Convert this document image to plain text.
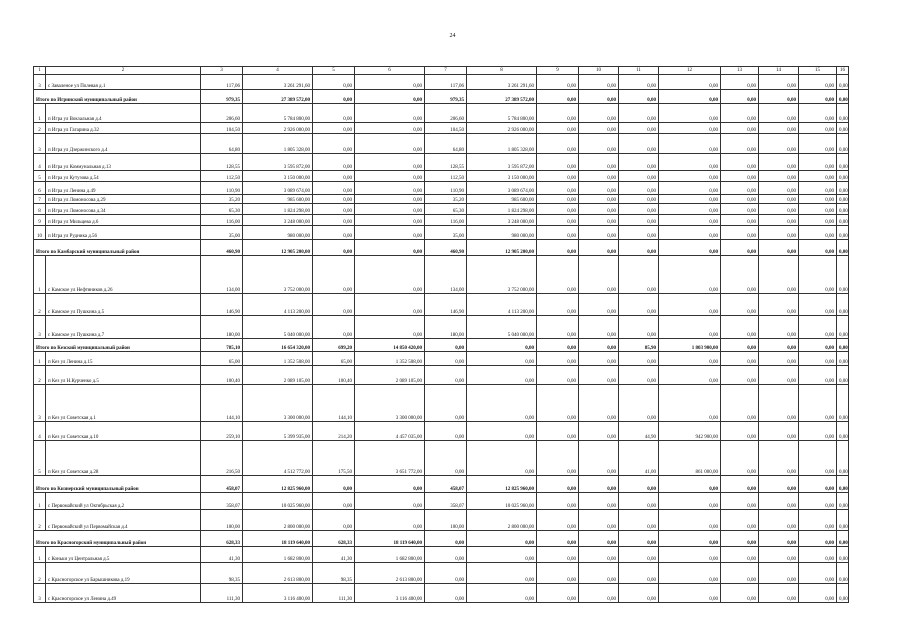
24
1	2	3	4	5	6	7	8	9	10	11	12	13	14	15	16
3	с Заваленое ул Полевая д.1	117,06	3 261 291,60	0,00	0,00	117,06	3 261 291,60	0,00	0,00	0,00	0,00	0,00	0,00	0,00	0,00
Итого по Игринский муниципальный район		979,35	27 389 572,00	0,00	0,00	979,35	27 389 572,00	0,00	0,00	0,00	0,00	0,00	0,00	0,00	0,00
1	п Игра ул Вокзальная д.4	206,60	5 784 800,00	0,00	0,00	206,60	5 784 800,00	0,00	0,00	0,00	0,00	0,00	0,00	0,00	0,00
2	п Игра ул Гагарина д.32	104,50	2 926 000,00	0,00	0,00	104,50	2 926 000,00	0,00	0,00	0,00	0,00	0,00	0,00	0,00	0,00
3	п Игра ул Дзержинского д.4	64,80	1 805 328,00	0,00	0,00	64,80	1 805 328,00	0,00	0,00	0,00	0,00	0,00	0,00	0,00	0,00
4	п Игра ул Коммунальная д.13	128,55	3 595 872,00	0,00	0,00	128,55	3 595 872,00	0,00	0,00	0,00	0,00	0,00	0,00	0,00	0,00
5	п Игра ул Кутузова д.54	112,50	3 150 000,00	0,00	0,00	112,50	3 150 000,00	0,00	0,00	0,00	0,00	0,00	0,00	0,00	0,00
6	п Игра ул Ленина д.49	110,90	3 089 674,00	0,00	0,00	110,90	3 089 674,00	0,00	0,00	0,00	0,00	0,00	0,00	0,00	0,00
7	п Игра ул Ломоносова д.29	35,20	985 600,00	0,00	0,00	35,20	985 600,00	0,00	0,00	0,00	0,00	0,00	0,00	0,00	0,00
8	п Игра ул Ломоносова д.34	65,30	1 824 298,00	0,00	0,00	65,30	1 824 298,00	0,00	0,00	0,00	0,00	0,00	0,00	0,00	0,00
9	п Игра ул Мильцева д.6	116,00	3 248 000,00	0,00	0,00	116,00	3 248 000,00	0,00	0,00	0,00	0,00	0,00	0,00	0,00	0,00
10	п Игра ул Рудника д.56	35,00	980 000,00	0,00	0,00	35,00	980 000,00	0,00	0,00	0,00	0,00	0,00	0,00	0,00	0,00
Итого по Камбарский муниципальный район		460,90	12 905 200,00	0,00	0,00	460,90	12 905 200,00	0,00	0,00	0,00	0,00	0,00	0,00	0,00	0,00
1	с Камское ул Нефтяников д.26	134,00	3 752 000,00	0,00	0,00	134,00	3 752 000,00	0,00	0,00	0,00	0,00	0,00	0,00	0,00	0,00
2	с Камское ул Пушкина д.5	146,90	4 113 200,00	0,00	0,00	146,90	4 113 200,00	0,00	0,00	0,00	0,00	0,00	0,00	0,00	0,00
3	с Камское ул Пушкина д.7	180,00	5 040 000,00	0,00	0,00	180,00	5 040 000,00	0,00	0,00	0,00	0,00	0,00	0,00	0,00	0,00
Итого по Кезский муниципальный район		785,10	16 654 320,00	699,20	14 850 420,00	0,00	0,00	0,00	0,00	85,90	1 803 900,00	0,00	0,00	0,00	0,00
1	п Кез ул Ленина д.15	65,00	1 352 508,00	65,00	1 352 508,00	0,00	0,00	0,00	0,00	0,00	0,00	0,00	0,00	0,00	0,00
2	п Кез ул Н.Курченко д.5	100,40	2 089 105,00	100,40	2 089 105,00	0,00	0,00	0,00	0,00	0,00	0,00	0,00	0,00	0,00	0,00
3	п Кез ул Советская д.1	144,10	3 300 000,00	144,10	3 300 000,00	0,00	0,00	0,00	0,00	0,00	0,00	0,00	0,00	0,00	0,00
4	п Кез ул Советская д.10	259,10	5 399 935,00	214,20	4 457 035,00	0,00	0,00	0,00	0,00	44,90	942 900,00	0,00	0,00	0,00	0,00
5	п Кез ул Советская д.28	216,50	4 512 772,00	175,50	3 651 772,00	0,00	0,00	0,00	0,00	41,00	861 000,00	0,00	0,00	0,00	0,00
Итого по Кизнерский муниципальный район		458,07	12 825 960,00	0,00	0,00	458,07	12 825 960,00	0,00	0,00	0,00	0,00	0,00	0,00	0,00	0,00
1	с Первомайский ул Октябрьская д.2	358,07	10 025 960,00	0,00	0,00	358,07	10 025 960,00	0,00	0,00	0,00	0,00	0,00	0,00	0,00	0,00
2	с Первомайский ул Первомайская д.4	100,00	2 800 000,00	0,00	0,00	100,00	2 800 000,00	0,00	0,00	0,00	0,00	0,00	0,00	0,00	0,00
Итого по Красногорский муниципальный район		628,33	18 119 640,00	628,33	18 119 640,00	0,00	0,00	0,00	0,00	0,00	0,00	0,00	0,00	0,00	0,00
1	с Коньки ул Центральная д.5	41,30	1 682 800,00	41,30	1 682 800,00	0,00	0,00	0,00	0,00	0,00	0,00	0,00	0,00	0,00	0,00
2	с Красногорское ул Барышникова д.19	98,35	2 613 800,00	98,35	2 613 800,00	0,00	0,00	0,00	0,00	0,00	0,00	0,00	0,00	0,00	0,00
3	с Красногорское ул Ленина д.49	111,30	3 116 400,00	111,30	3 116 400,00	0,00	0,00	0,00	0,00	0,00	0,00	0,00	0,00	0,00	0,00
